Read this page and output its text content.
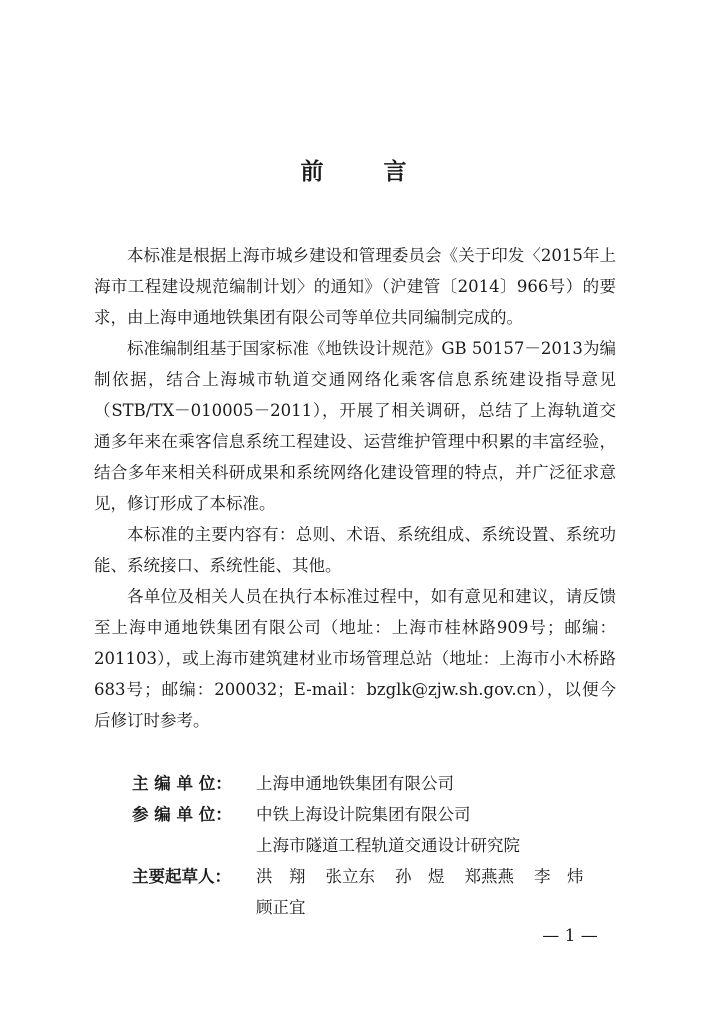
前 言

本标准是根据上海市城乡建设和管理委员会《关于印发〈2015年上海市工程建设规范编制计划〉的通知》（沪建管〔2014〕966号）的要求，由上海申通地铁集团有限公司等单位共同编制完成的。

标准编制组基于国家标准《地铁设计规范》GB 50157－2013为编制依据，结合上海城市轨道交通网络化乘客信息系统建设指导意见（STB/TX－010005－2011），开展了相关调研，总结了上海轨道交通多年来在乘客信息系统工程建设、运营维护管理中积累的丰富经验，结合多年来相关科研成果和系统网络化建设管理的特点，并广泛征求意见，修订形成了本标准。

本标准的主要内容有：总则、术语、系统组成、系统设置、系统功能、系统接口、系统性能、其他。

各单位及相关人员在执行本标准过程中，如有意见和建议，请反馈至上海申通地铁集团有限公司（地址：上海市桂林路909号；邮编：201103），或上海市建筑建材业市场管理总站（地址：上海市小木桥路683号；邮编：200032；E-mail：bzglk@zjw.sh.gov.cn），以便今后修订时参考。

主 编 单 位：	上海申通地铁集团有限公司
参 编 单 位：	中铁上海设计院集团有限公司
上海市隧道工程轨道交通设计研究院
主要起草人：	洪　翔 张立东 孙　煜 郑燕燕 李　炜
顾正宜
— 1 —
